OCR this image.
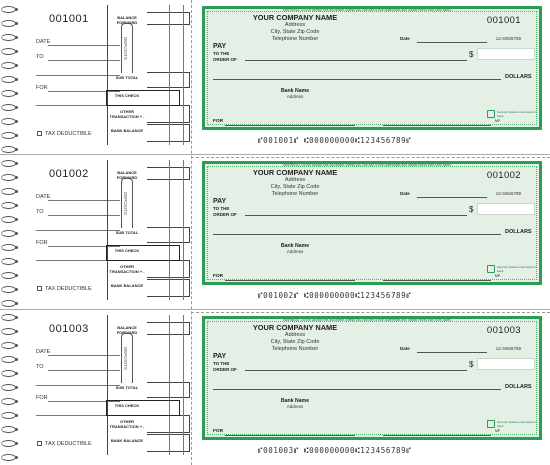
001001
DATE
TO
FOR
BALANCE FORWARD
SUB TOTAL
THIS CHECK
OTHER TRANSACTION + -
BANK BALANCE
DEPOSITS
TAX DEDUCTIBLE
WARNING: Do not accept this document unless you can see a true watermark and visible fibers from both sides.
YOUR COMPANY NAME
Address
City, State Zip Code
Telephone Number
001001
12-345/6789
Date
PAY
TO THE ORDER OF	$
DOLLARS
Bank Name
Address
Security features are listed on back
FOR	MP
⑈001001⑈ ⑆000000000⑆123456789⑈
001002
DATE
TO
FOR
BALANCE FORWARD
SUB TOTAL
THIS CHECK
OTHER TRANSACTION + -
BANK BALANCE
DEPOSITS
TAX DEDUCTIBLE
WARNING: Do not accept this document unless you can see a true watermark and visible fibers from both sides.
YOUR COMPANY NAME
Address
City, State Zip Code
Telephone Number
001002
12-345/6789
Date
PAY
TO THE ORDER OF	$
DOLLARS
Bank Name
Address
Security features are listed on back
FOR	MP
⑈001002⑈ ⑆000000000⑆123456789⑈
001003
DATE
TO
FOR
BALANCE FORWARD
SUB TOTAL
THIS CHECK
OTHER TRANSACTION + -
BANK BALANCE
DEPOSITS
TAX DEDUCTIBLE
WARNING: Do not accept this document unless you can see a true watermark and visible fibers from both sides.
YOUR COMPANY NAME
Address
City, State Zip Code
Telephone Number
001003
12-345/6789
Date
PAY
TO THE ORDER OF	$
DOLLARS
Bank Name
Address
Security features are listed on back
FOR	MP
⑈001003⑈ ⑆000000000⑆123456789⑈
